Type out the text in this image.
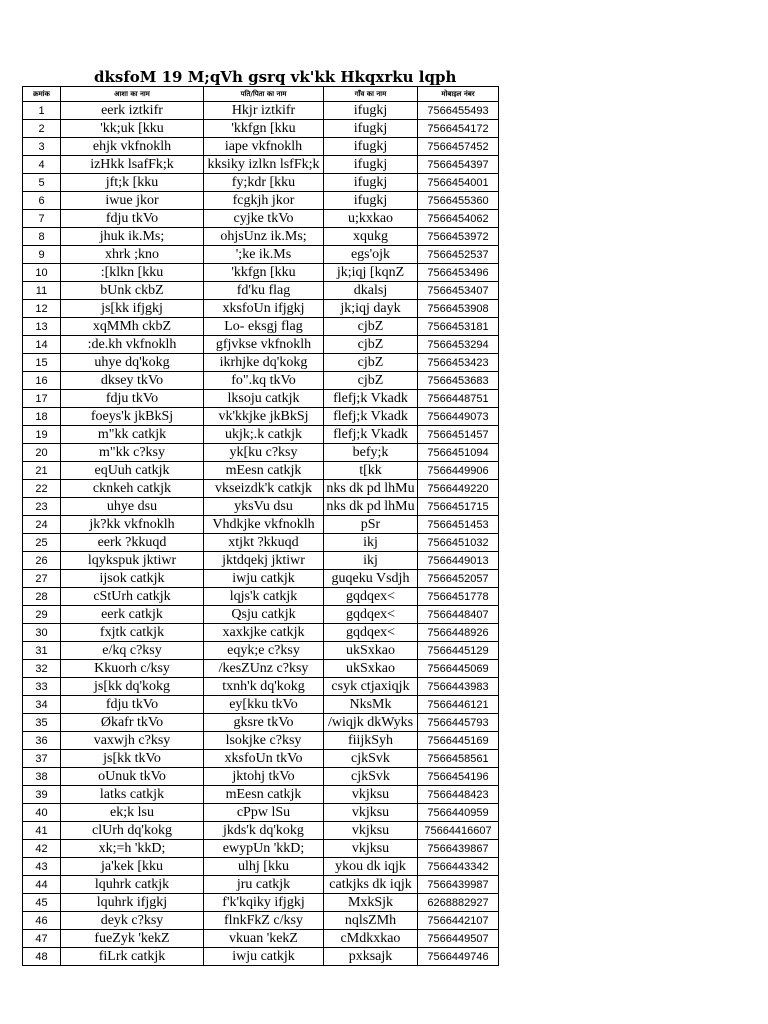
dksfoM 19 M;qVh gsrq vk'kk Hkqxrku lqph
क्रमांक	आशा का नाम	पति/पिता का नाम	गाँव का नाम	मोबाइल नंबर
1	eerk iztkifr	Hkjr iztkifr	ifugkj	7566455493
2	'kk;uk [kku	'kkfgn [kku	ifugkj	7566454172
3	ehjk vkfnoklh	iape vkfnoklh	ifugkj	7566457452
4	izHkk lsafFk;k	kksiky izlkn lsfFk;k	ifugkj	7566454397
5	jft;k [kku	fy;kdr [kku	ifugkj	7566454001
6	iwue jkor	fcgkjh jkor	ifugkj	7566455360
7	fdju tkVo	cyjke tkVo	u;kxkao	7566454062
8	jhuk ik.Ms;	ohjsUnz ik.Ms;	xqukg	7566453972
9	xhrk ;kno	';ke ik.Ms	egs'ojk	7566452537
10	:[klkn [kku	'kkfgn [kku	jk;iqj [kqnZ	7566453496
11	bUnk ckbZ	fd'ku flag	dkalsj	7566453407
12	js[kk ifjgkj	xksfoUn ifjgkj	jk;iqj dayk	7566453908
13	xqMMh ckbZ	Lo- eksgj flag	cjbZ	7566453181
14	:de.kh vkfnoklh	gfjvkse vkfnoklh	cjbZ	7566453294
15	uhye dq'kokg	ikrhjke dq'kokg	cjbZ	7566453423
16	dksey tkVo	fo".kq tkVo	cjbZ	7566453683
17	fdju tkVo	lksoju catkjk	flefj;k Vkadk	7566448751
18	foeys'k jkBkSj	vk'kkjke jkBkSj	flefj;k Vkadk	7566449073
19	m"kk catkjk	ukjk;.k catkjk	flefj;k Vkadk	7566451457
20	m"kk c?ksy	yk[ku c?ksy	befy;k	7566451094
21	eqUuh catkjk	mEesn catkjk	t[kk	7566449906
22	cknkeh catkjk	vkseizdk'k catkjk	nks dk pd lhMu	7566449220
23	uhye dsu	yksVu dsu	nks dk pd lhMu	7566451715
24	jk?kk vkfnoklh	Vhdkjke vkfnoklh	pSr	7566451453
25	eerk ?kkuqd	xtjkt ?kkuqd	ikj	7566451032
26	lqykspuk jktiwr	jktdqekj jktiwr	ikj	7566449013
27	ijsok catkjk	iwju catkjk	guqeku Vsdjh	7566452057
28	cStUrh catkjk	lqjs'k catkjk	gqdqex<	7566451778
29	eerk catkjk	Qsju catkjk	gqdqex<	7566448407
30	fxjtk catkjk	xaxkjke catkjk	gqdqex<	7566448926
31	e/kq c?ksy	eqyk;e c?ksy	ukSxkao	7566445129
32	Kkuorh c/ksy	/kesZUnz c?ksy	ukSxkao	7566445069
33	js[kk dq'kokg	txnh'k dq'kokg	csyk ctjaxiqjk	7566443983
34	fdju tkVo	ey[kku tkVo	NksMk	7566446121
35	Økafr tkVo	gksre tkVo	/wiqjk dkWyks	7566445793
36	vaxwjh c?ksy	lsokjke c?ksy	fiijkSyh	7566445169
37	js[kk tkVo	xksfoUn tkVo	cjkSvk	7566458561
38	oUnuk tkVo	jktohj tkVo	cjkSvk	7566454196
39	latks catkjk	mEesn catkjk	vkjksu	7566448423
40	ek;k lsu	cPpw lSu	vkjksu	7566440959
41	clUrh dq'kokg	jkds'k dq'kokg	vkjksu	75664416607
42	xk;=h 'kkD;	ewypUn 'kkD;	vkjksu	7566439867
43	ja'kek [kku	ulhj [kku	ykou dk iqjk	7566443342
44	lquhrk catkjk	jru catkjk	catkjks dk iqjk	7566439987
45	lquhrk ifjgkj	f'k'kqiky ifjgkj	MxkSjk	6268882927
46	deyk c?ksy	flnkFkZ c/ksy	nqlsZMh	7566442107
47	fueZyk 'kekZ	vkuan 'kekZ	cMdkxkao	7566449507
48	fiLrk catkjk	iwju catkjk	pxksajk	7566449746
